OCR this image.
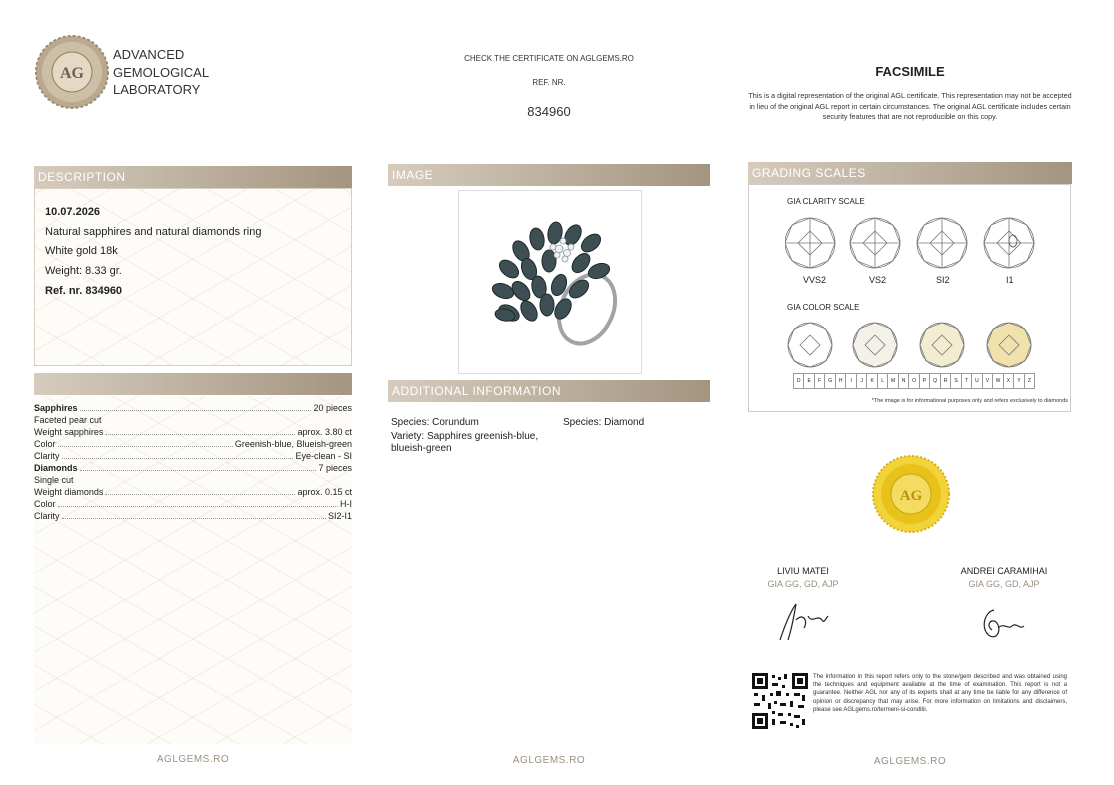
AG
ADVANCED
GEMOLOGICAL
LABORATORY
CHECK THE CERTIFICATE ON AGLGEMS.RO
REF. NR.
834960
FACSIMILE
This is a digital representation of the original AGL certificate. This representation may not be accepted in lieu of the original AGL report in certain circumstances. The original AGL certificate includes certain security features that are not reproducible on this copy.
DESCRIPTION
10.07.2026
Natural sapphires and natural diamonds ring
White gold 18k
Weight: 8.33 gr.
Ref. nr. 834960
Sapphires	20 pieces
Faceted pear cut
Weight sapphires	aprox. 3.80 ct
Color	Greenish-blue, Blueish-green
Clarity	Eye-clean - SI
Diamonds	7 pieces
Single cut
Weight diamonds	aprox. 0.15 ct
Color	H-I
Clarity	SI2-I1
IMAGE
ADDITIONAL INFORMATION
Species: Corundum
Variety: Sapphires greenish-blue, blueish-green
Species: Diamond
GRADING SCALES
GIA CLARITY SCALE
VVS2	VS2	SI2	I1
GIA COLOR SCALE
D	E	F	G	H	I	J	K	L	M	N	O	P	Q	R	S	T	U	V	W	X	Y	Z
*The image is for informational purposes only and refers exclusively to diamonds
AG
LIVIU MATEI
GIA GG, GD, AJP
ANDREI CARAMIHAI
GIA GG, GD, AJP
The information in this report refers only to the stone/gem described and was obtained using the techniques and equipment available at the time of examination. This report is not a guarantee. Neither AGL nor any of its experts shall at any time be liable for any difference of opinion or discrepancy that may arise. For more information on limitations and disclaimers, please see AGLgems.ro/termeni-si-conditii.
AGLGEMS.RO	AGLGEMS.RO	AGLGEMS.RO
